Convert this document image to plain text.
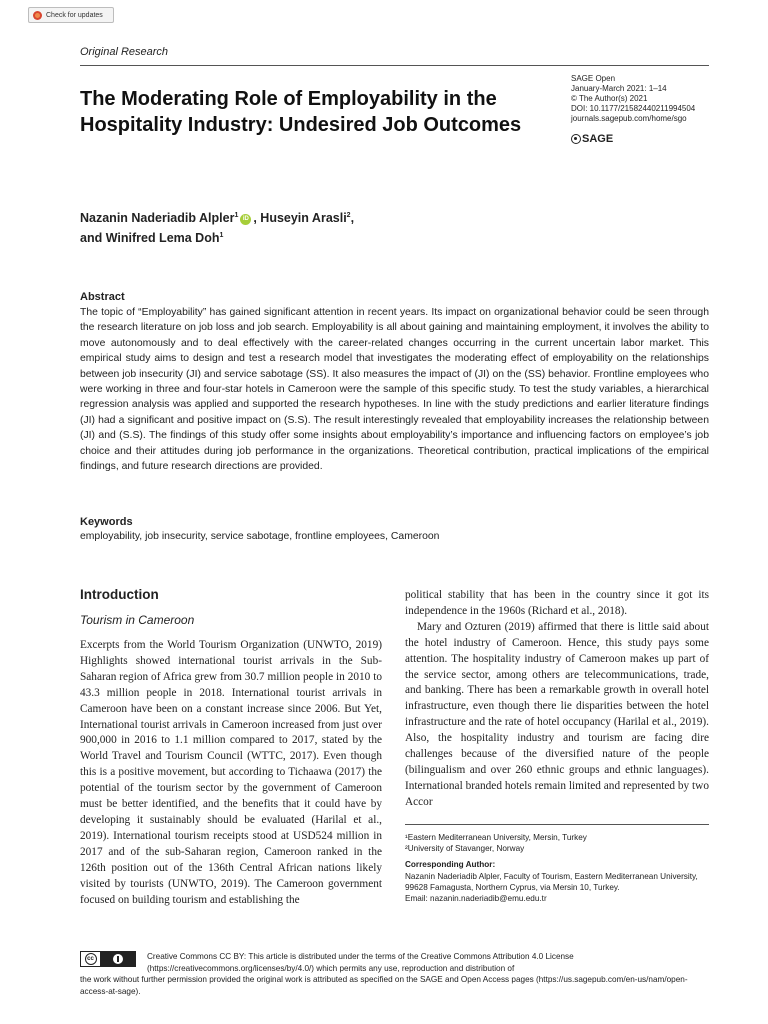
Check for updates
Original Research
SAGE Open
January-March 2021: 1–14
© The Author(s) 2021
DOI: 10.1177/21582440211994504
journals.sagepub.com/home/sgo
SAGE
The Moderating Role of Employability in the Hospitality Industry: Undesired Job Outcomes
Nazanin Naderiadib Alpler$^1$iD , Huseyin Arasli$^2$,
and Winifred Lema Doh$^1$
Abstract
The topic of “Employability” has gained significant attention in recent years. Its impact on organizational behavior could be seen through the research literature on job loss and job search. Employability is all about gaining and maintaining employment, it involves the ability to move autonomously and to deal effectively with the career-related changes occurring in the current uncertain labor market. This empirical study aims to design and test a research model that investigates the moderating effect of employability on the relationships between job insecurity (JI) and service sabotage (SS). It also measures the impact of (JI) on the (SS) behavior. Frontline employees who were working in three and four-star hotels in Cameroon were the sample of this specific study. To test the study variables, a hierarchical regression analysis was applied and supported the research hypotheses. In line with the study predictions and earlier literature findings (JI) had a significant and positive impact on (S.S). The result interestingly revealed that employability increases the relationship between (JI) and (S.S). The findings of this study offer some insights about employability’s importance and influencing factors on employee’s job choice and their attitudes during job performance in the organizations. Theoretical contribution, practical implications of the empirical findings, and future research directions are provided.
Keywords
employability, job insecurity, service sabotage, frontline employees, Cameroon
Introduction
Tourism in Cameroon

Excerpts from the World Tourism Organization (UNWTO, 2019) Highlights showed international tourist arrivals in the Sub-Saharan region of Africa grew from 30.7 million people in 2010 to 43.3 million people in 2018. International tourist arrivals in Cameroon have been on a constant increase since 2006. But Yet, International tourist arrivals in Cameroon increased from just over 900,000 in 2016 to 1.1 million compared to 2017, stated by the World Travel and Tourism Council (WTTC, 2017). Even though this is a positive movement, but according to Tichaawa (2017) the potential of the tourism sector by the government of Cameroon must be better identified, and the benefits that it could have by developing it sustainably should be evaluated (Harilal et al., 2019). International tourism receipts stood at USD524 million in 2017 and of the sub-Saharan region, Cameroon ranked in the 126th position out of the 136th Central African nations likely visited by tourists (UNWTO, 2019). The Cameroon government focused on building tourism and establishing the

political stability that has been in the country since it got its independence in the 1960s (Richard et al., 2018).

Mary and Ozturen (2019) affirmed that there is little said about the hotel industry of Cameroon. Hence, this study pays some attention. The hospitality industry of Cameroon makes up part of the service sector, among others are telecommunications, trade, and banking. There has been a remarkable growth in overall hotel infrastructure, even though there lie disparities between the hotel infrastructure and the rate of hotel occupancy (Harilal et al., 2019). Also, the hospitality industry and tourism are facing dire challenges because of the diversified nature of the people (bilingualism and over 260 ethnic groups and ethnic languages). International branded hotels remain limited and represented by two Accor

¹Eastern Mediterranean University, Mersin, Turkey
²University of Stavanger, Norway
Corresponding Author:
Nazanin Naderiadib Alpler, Faculty of Tourism, Eastern Mediterranean University, 99628 Famagusta, Northern Cyprus, via Mersin 10, Turkey.
Email: nazanin.naderiadib@emu.edu.tr
Creative Commons CC BY: This article is distributed under the terms of the Creative Commons Attribution 4.0 License (https://creativecommons.org/licenses/by/4.0/) which permits any use, reproduction and distribution of
the work without further permission provided the original work is attributed as specified on the SAGE and Open Access pages (https://us.sagepub.com/en-us/nam/open-access-at-sage).
cc
